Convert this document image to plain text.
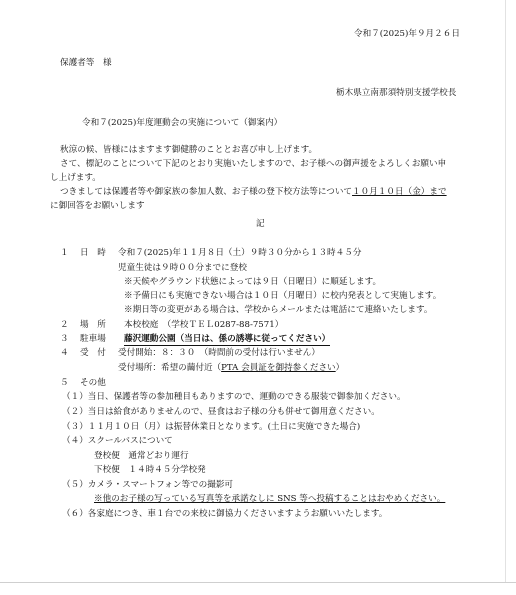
令和７(2025)年９月２６日
保護者等　様
栃木県立南那須特別支援学校長
令和７(2025)年度運動会の実施について（御案内）
秋涼の候、皆様にはますます御健勝のこととお喜び申し上げます。
さて、標記のことについて下記のとおり実施いたしますので、お子様への御声援をよろしくお願い申
し上げます。
つきましては保護者等や御家族の参加人数、お子様の登下校方法等について１０月１０日（金）まで
に御回答をお願いします
記
１ 日　時 令和７(2025)年１１月８日（土）９時３０分から１３時４５分
児童生徒は９時００分までに登校
※天候やグラウンド状態によっては９日（日曜日）に順延します。
※予備日にも実施できない場合は１０日（月曜日）に校内発表として実施します。
※期日等の変更がある場合は、学校からメールまたは電話にて連絡いたします。
２ 場　所 本校校庭　（学校ＴＥＬ0287-88-7571）
３ 駐車場 藤沢運動公園（当日は、係の誘導に従ってください）
４ 受　付 受付開始：８：３０　（時間前の受付は行いません）
受付場所：希望の繭付近（PTA 会員証を御持参ください）
５ その他
（１）当日、保護者等の参加種目もありますので、運動のできる服装で御参加ください。
（２）当日は給食がありませんので、昼食はお子様の分も併せて御用意ください。
（３）１１月１０日（月）は振替休業日となります。(土日に実施できた場合)
（４）スクールバスについて
登校便　通常どおり運行
下校便　１４時４５分学校発
（５）カメラ・スマートフォン等での撮影可
※他のお子様の写っている写真等を承諾なしに SNS 等へ投稿することはおやめください。
（６）各家庭につき、車１台での来校に御協力くださいますようお願いいたします。
